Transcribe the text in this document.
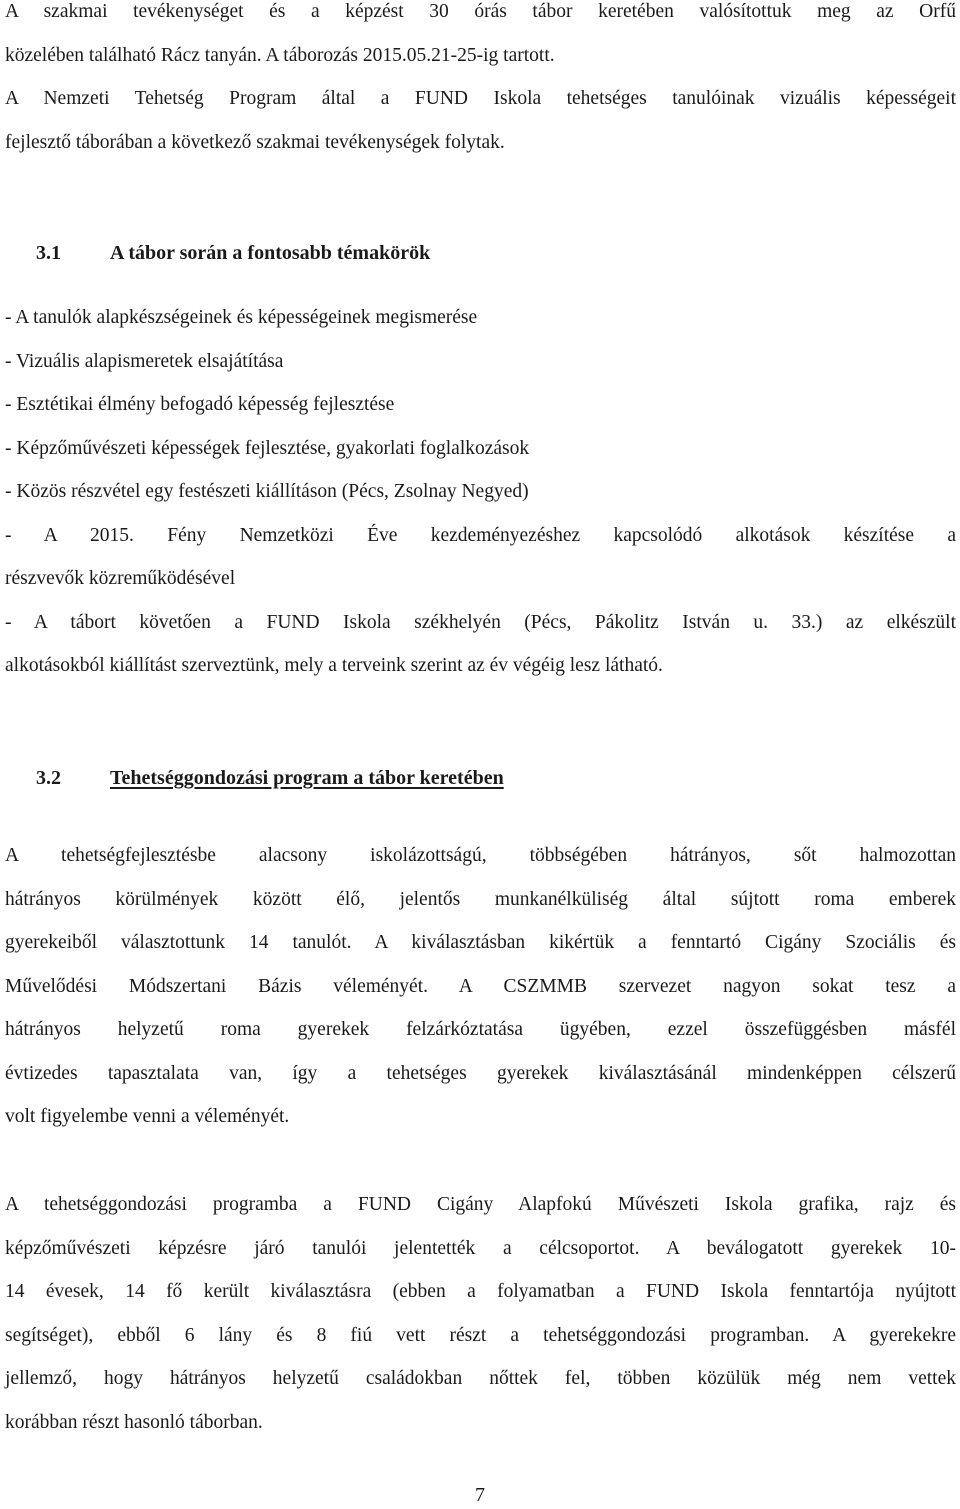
A szakmai tevékenységet és a képzést 30 órás tábor keretében valósítottuk meg az Orfű
közelében található Rácz tanyán. A táborozás 2015.05.21-25-ig tartott.
A Nemzeti Tehetség Program által a FUND Iskola tehetséges tanulóinak vizuális képességeit
fejlesztő táborában a következő szakmai tevékenységek folytak.
3.1 A tábor során a fontosabb témakörök
- A tanulók alapkészségeinek és képességeinek megismerése
- Vizuális alapismeretek elsajátítása
- Esztétikai élmény befogadó képesség fejlesztése
- Képzőművészeti képességek fejlesztése, gyakorlati foglalkozások
- Közös részvétel egy festészeti kiállításon (Pécs, Zsolnay Negyed)
- A 2015. Fény Nemzetközi Éve kezdeményezéshez kapcsolódó alkotások készítése a
részvevők közreműködésével
- A tábort követően a FUND Iskola székhelyén (Pécs, Pákolitz István u. 33.) az elkészült
alkotásokból kiállítást szerveztünk, mely a terveink szerint az év végéig lesz látható.
3.2 Tehetséggondozási program a tábor keretében
A tehetségfejlesztésbe alacsony iskolázottságú, többségében hátrányos, sőt halmozottan
hátrányos körülmények között élő, jelentős munkanélküliség által sújtott roma emberek
gyerekeiből választottunk 14 tanulót. A kiválasztásban kikértük a fenntartó Cigány Szociális és
Művelődési Módszertani Bázis véleményét. A CSZMMB szervezet nagyon sokat tesz a
hátrányos helyzetű roma gyerekek felzárkóztatása ügyében, ezzel összefüggésben másfél
évtizedes tapasztalata van, így a tehetséges gyerekek kiválasztásánál mindenképpen célszerű
volt figyelembe venni a véleményét.
A tehetséggondozási programba a FUND Cigány Alapfokú Művészeti Iskola grafika, rajz és
képzőművészeti képzésre járó tanulói jelentették a célcsoportot. A beválogatott gyerekek 10-
14 évesek, 14 fő került kiválasztásra (ebben a folyamatban a FUND Iskola fenntartója nyújtott
segítséget), ebből 6 lány és 8 fiú vett részt a tehetséggondozási programban. A gyerekekre
jellemző, hogy hátrányos helyzetű családokban nőttek fel, többen közülük még nem vettek
korábban részt hasonló táborban.
7
